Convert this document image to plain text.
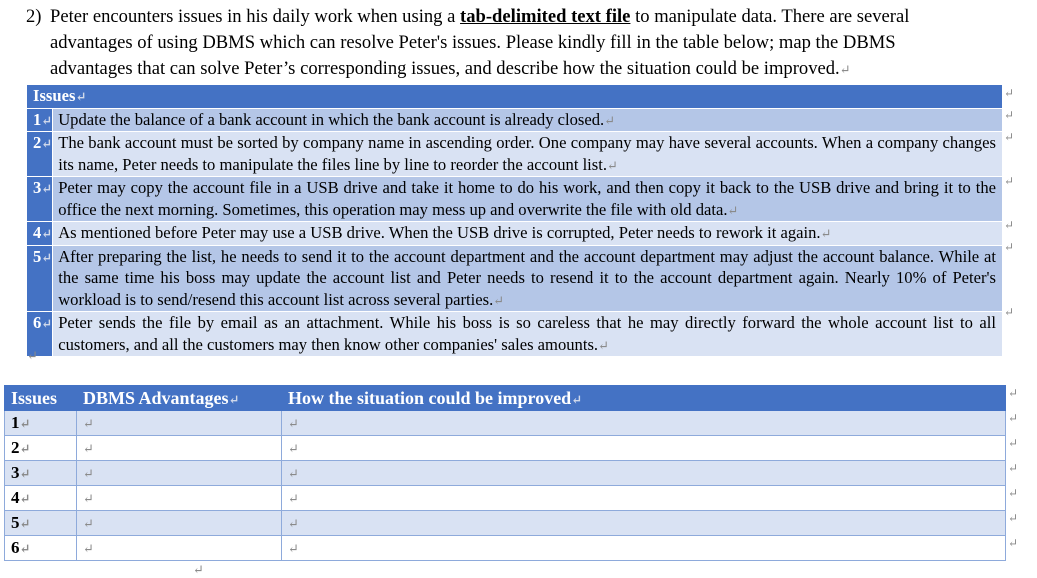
2) Peter encounters issues in his daily work when using a tab-delimited text file to manipulate data. There are several

advantages of using DBMS which can resolve Peter's issues. Please kindly fill in the table below; map the DBMS

advantages that can solve Peter’s corresponding issues, and describe how the situation could be improved.↵

Issues↵	
1↵	Update the balance of a bank account in which the bank account is already closed.↵
2↵	The bank account must be sorted by company name in ascending order. One company may have several accounts. When a company changes its name, Peter needs to manipulate the files line by line to reorder the account list.↵
3↵	Peter may copy the account file in a USB drive and take it home to do his work, and then copy it back to the USB drive and bring it to the office the next morning. Sometimes, this operation may mess up and overwrite the file with old data.↵
4↵	As mentioned before Peter may use a USB drive. When the USB drive is corrupted, Peter needs to rework it again.↵
5↵	After preparing the list, he needs to send it to the account department and the account department may adjust the account balance. While at the same time his boss may update the account list and Peter needs to resend it to the account department again. Nearly 10% of Peter's workload is to send/resend this account list across several parties.↵
6↵	Peter sends the file by email as an attachment. While his boss is so careless that he may directly forward the whole account list to all customers, and all the customers may then know other companies' sales amounts.↵
↵
↵
↵
↵
↵
↵
↵
↵
Issues	DBMS Advantages↵	How the situation could be improved↵
1↵	↵	↵
2↵	↵	↵
3↵	↵	↵
4↵	↵	↵
5↵	↵	↵
6↵	↵	↵
↵
↵
↵
↵
↵
↵
↵
↵
